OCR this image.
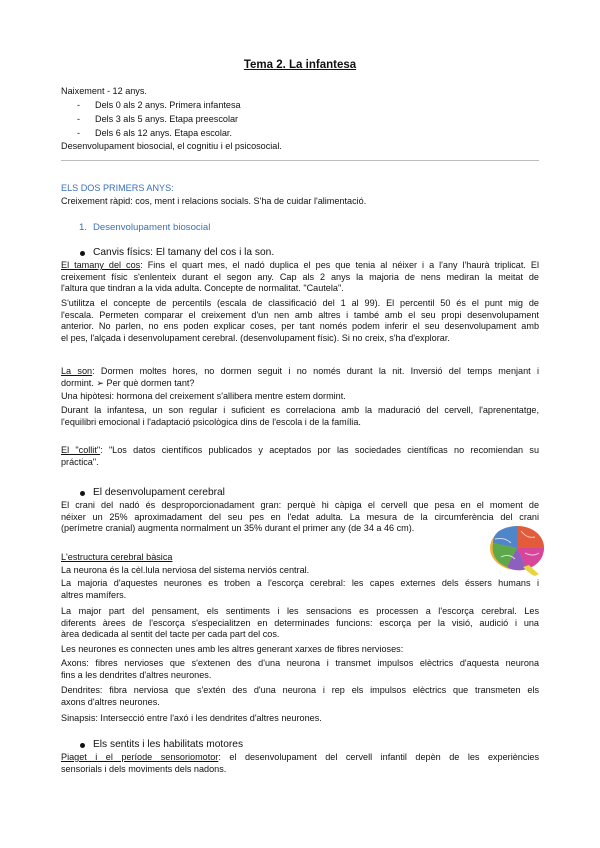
Tema 2. La infantesa
Naixement - 12 anys.
- Dels 0 als 2 anys. Primera infantesa
- Dels 3 als 5 anys. Etapa preescolar
- Dels 6 als 12 anys. Etapa escolar.
Desenvolupament biosocial, el cognitiu i el psicosocial.
ELS DOS PRIMERS ANYS:
Creixement ràpid: cos, ment i relacions socials. S'ha de cuidar l'alimentació.
1. Desenvolupament biosocial
Canvis físics: El tamany del cos i la son.
El tamany del cos: Fins el quart mes, el nadó duplica el pes que tenia al néixer i a l'any l'haurà triplicat. El
creixement físic s'enlenteix durant el segon any. Cap als 2 anys la majoria de nens mediran la meitat de
l'altura que tindran a la vida adulta. Concepte de normalitat. "Cautela".
S'utilitza el concepte de percentils (escala de classificació del 1 al 99). El percentil 50 és el punt mig de
l'escala. Permeten comparar el creixement d'un nen amb altres i també amb el seu propi desenvolupament
anterior. No parlen, no ens poden explicar coses, per tant només podem inferir el seu desenvolupament amb
el pes, l'alçada i desenvolupament cerebral. (desenvolupament físic). Si no creix, s'ha d'explorar.
La son: Dormen moltes hores, no dormen seguit i no només durant la nit. Inversió del temps menjant i
dormint. ➢ Per què dormen tant?
Una hipòtesi: hormona del creixement s'allibera mentre estem dormint.
Durant la infantesa, un son regular i suficient es correlaciona amb la maduració del cervell, l'aprenentatge,
l'equilibri emocional i l'adaptació psicològica dins de l'escola i de la família.
El "collit": "Los datos científicos publicados y aceptados por las sociedades científicas no recomiendan su
práctica".
El desenvolupament cerebral
El crani del nadó és desproporcionadament gran: perquè hi càpiga el cervell que pesa en el moment de
néixer un 25% aproximadament del seu pes en l'edat adulta. La mesura de la circumferència del crani
(perímetre cranial) augmenta normalment un 35% durant el primer any (de 34 a 46 cm).
L'estructura cerebral bàsica
La neurona és la cèl.lula nerviosa del sistema nerviós central.
La majoria d'aquestes neurones es troben a l'escorça cerebral: les capes externes dels éssers humans i
altres mamífers.
La major part del pensament, els sentiments i les sensacions es processen a l'escorça cerebral. Les
diferents àrees de l'escorça s'especialitzen en determinades funcions: escorça per la visió, audició i una
àrea dedicada al sentit del tacte per cada part del cos.
Les neurones es connecten unes amb les altres generant xarxes de fibres nervioses:
Axons: fibres nervioses que s'extenen des d'una neurona i transmet impulsos elèctrics d'aquesta neurona
fins a les dendrites d'altres neurones.
Dendrites: fibra nerviosa que s'extén des d'una neurona i rep els impulsos elèctrics que transmeten els
axons d'altres neurones.
Sinapsis: Intersecció entre l'axó i les dendrites d'altres neurones.
Els sentits i les habilitats motores
Piaget i el període sensoriomotor: el desenvolupament del cervell infantil depèn de les experiències
sensorials i dels moviments dels nadons.
